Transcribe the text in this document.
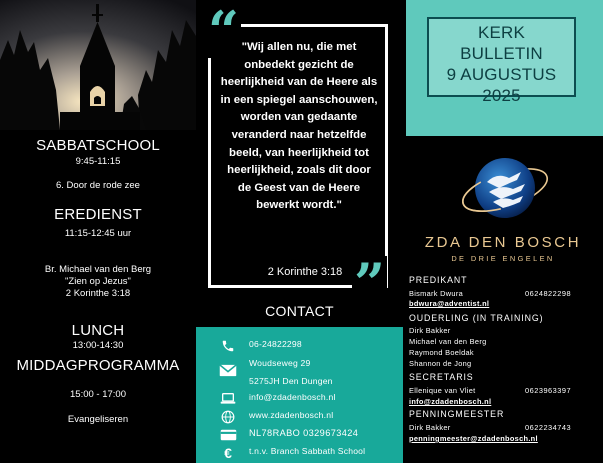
SABBATSCHOOL
9:45-11:15
6. Door de rode zee
EREDIENST
11:15-12:45 uur
Br. Michael van den Berg
"Zien op Jezus"
2 Korinthe 3:18
LUNCH
13:00-14:30
MIDDAGPROGRAMMA
15:00 - 17:00
Evangeliseren
"Wij allen nu, die met onbedekt gezicht de heerlijkheid van de Heere als in een spiegel aanschouwen, worden van gedaante veranderd naar hetzelfde beeld, van heerlijkheid tot heerlijkheid, zoals dit door de Geest van de Heere bewerkt wordt."
2 Korinthe 3:18
“
”
CONTACT
06-24822298
Woudseweg 29
5275JH Den Dungen
info@zdadenbosch.nl
www.zdadenbosch.nl
NL78RABO 0329673424
€	t.n.v. Branch Sabbath School
KERK
BULLETIN
9 AUGUSTUS 2025
ZDA DEN BOSCH
DE DRIE ENGELEN
PREDIKANT
Bismark Dwura	0624822298
bdwura@adventist.nl
OUDERLING (IN TRAINING)
Dirk Bakker
Michael van den Berg
Raymond Boeldak
Shannon de Jong
SECRETARIS
Ellenique van Vliet	0623963397
info@zdadenbosch.nl
PENNINGMEESTER
Dirk Bakker	0622234743
penningmeester@zdadenbosch.nl
